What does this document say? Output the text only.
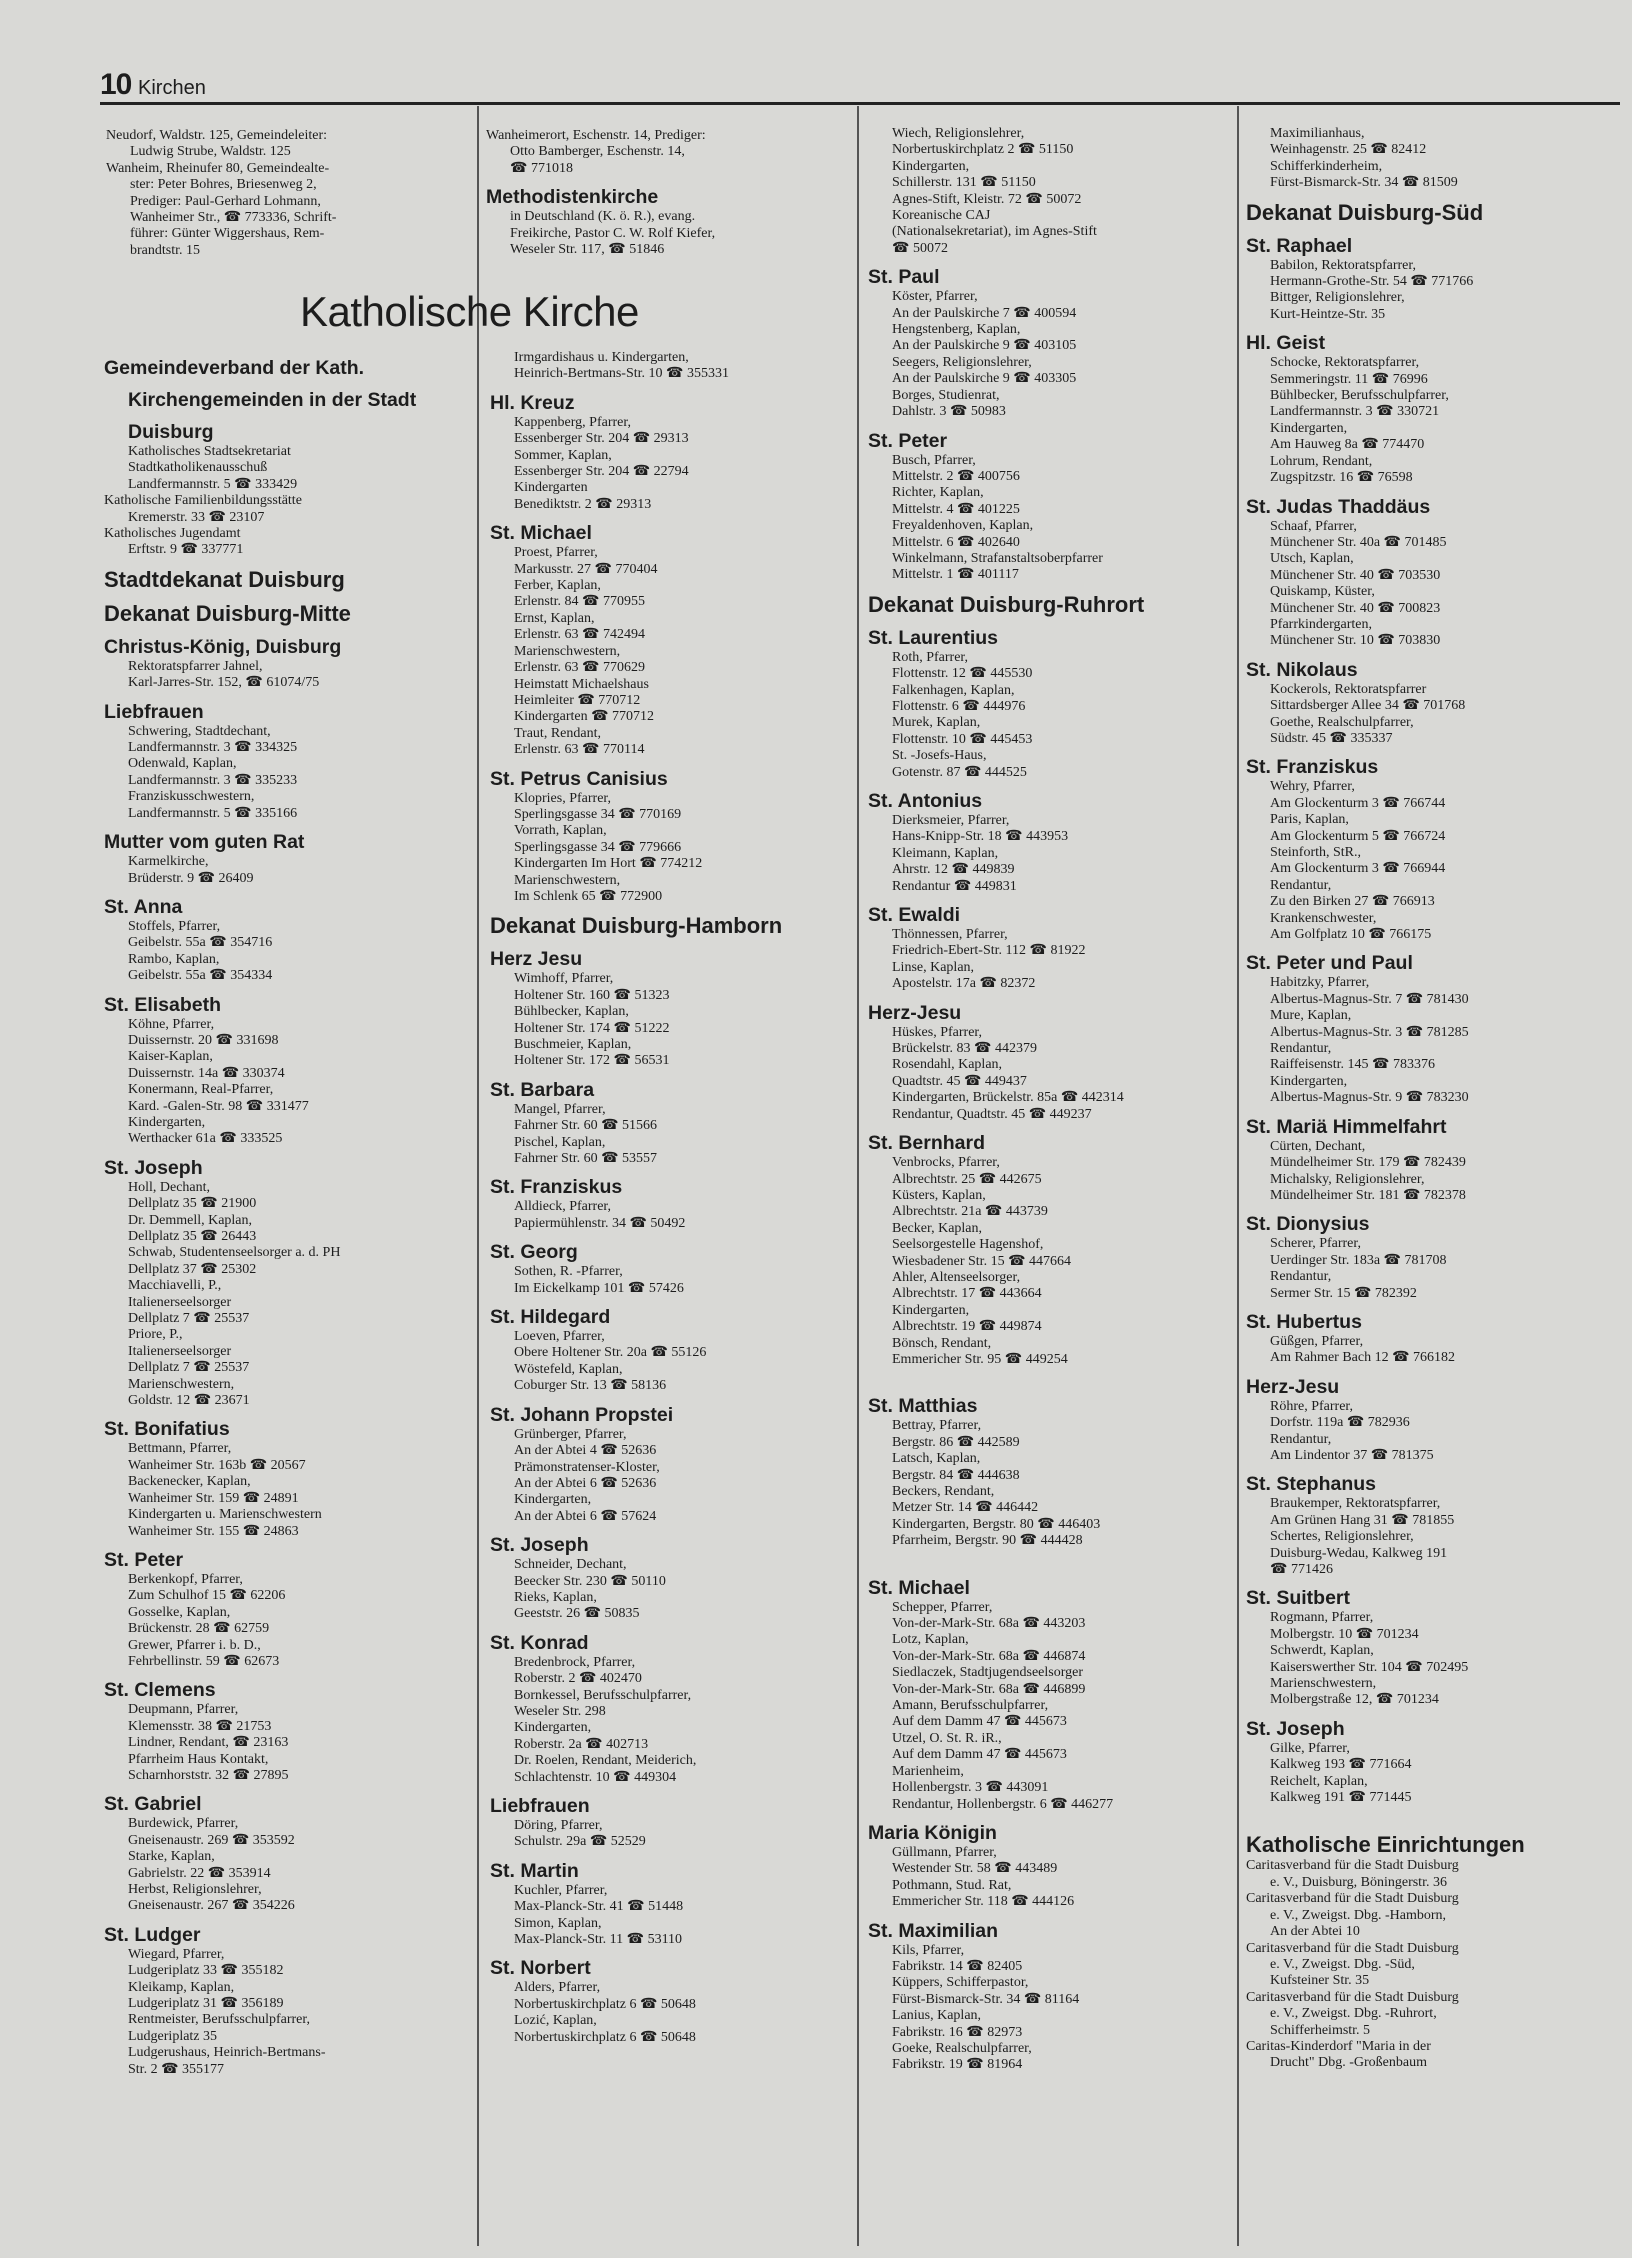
10 Kirchen

Neudorf, Waldstr. 125, Gemeindeleiter:

Ludwig Strube, Waldstr. 125

Wanheim, Rheinufer 80, Gemeindealte-

ster: Peter Bohres, Briesenweg 2,

Prediger: Paul-Gerhard Lohmann,

Wanheimer Str., ☎ 773336, Schrift-

führer: Günter Wiggershaus, Rem-

brandtstr. 15

Wanheimerort, Eschenstr. 14, Prediger:

Otto Bamberger, Eschenstr. 14,

☎ 771018

Methodistenkirche

in Deutschland (K. ö. R.), evang.

Freikirche, Pastor C. W. Rolf Kiefer,

Weseler Str. 117, ☎ 51846

Katholische Kirche
Gemeindeverband der Kath.
Kirchengemeinden in der Stadt
Duisburg

Katholisches Stadtsekretariat

Stadtkatholikenausschuß

Landfermannstr. 5 ☎ 333429

Katholische Familienbildungsstätte

Kremerstr. 33 ☎ 23107

Katholisches Jugendamt

Erftstr. 9 ☎ 337771

Stadtdekanat Duisburg
Dekanat Duisburg-Mitte
Christus-König, Duisburg

Rektoratspfarrer Jahnel,

Karl-Jarres-Str. 152, ☎ 61074/75

Liebfrauen

Schwering, Stadtdechant,

Landfermannstr. 3 ☎ 334325

Odenwald, Kaplan,

Landfermannstr. 3 ☎ 335233

Franziskusschwestern,

Landfermannstr. 5 ☎ 335166

Mutter vom guten Rat

Karmelkirche,

Brüderstr. 9 ☎ 26409

St. Anna

Stoffels, Pfarrer,

Geibelstr. 55a ☎ 354716

Rambo, Kaplan,

Geibelstr. 55a ☎ 354334

St. Elisabeth

Köhne, Pfarrer,

Duissernstr. 20 ☎ 331698

Kaiser-Kaplan,

Duissernstr. 14a ☎ 330374

Konermann, Real-Pfarrer,

Kard. -Galen-Str. 98 ☎ 331477

Kindergarten,

Werthacker 61a ☎ 333525

St. Joseph

Holl, Dechant,

Dellplatz 35 ☎ 21900

Dr. Demmell, Kaplan,

Dellplatz 35 ☎ 26443

Schwab, Studentenseelsorger a. d. PH

Dellplatz 37 ☎ 25302

Macchiavelli, P.,

Italienerseelsorger

Dellplatz 7 ☎ 25537

Priore, P.,

Italienerseelsorger

Dellplatz 7 ☎ 25537

Marienschwestern,

Goldstr. 12 ☎ 23671

St. Bonifatius

Bettmann, Pfarrer,

Wanheimer Str. 163b ☎ 20567

Backenecker, Kaplan,

Wanheimer Str. 159 ☎ 24891

Kindergarten u. Marienschwestern

Wanheimer Str. 155 ☎ 24863

St. Peter

Berkenkopf, Pfarrer,

Zum Schulhof 15 ☎ 62206

Gosselke, Kaplan,

Brückenstr. 28 ☎ 62759

Grewer, Pfarrer i. b. D.,

Fehrbellinstr. 59 ☎ 62673

St. Clemens

Deupmann, Pfarrer,

Klemensstr. 38 ☎ 21753

Lindner, Rendant, ☎ 23163

Pfarrheim Haus Kontakt,

Scharnhorststr. 32 ☎ 27895

St. Gabriel

Burdewick, Pfarrer,

Gneisenaustr. 269 ☎ 353592

Starke, Kaplan,

Gabrielstr. 22 ☎ 353914

Herbst, Religionslehrer,

Gneisenaustr. 267 ☎ 354226

St. Ludger

Wiegard, Pfarrer,

Ludgeriplatz 33 ☎ 355182

Kleikamp, Kaplan,

Ludgeriplatz 31 ☎ 356189

Rentmeister, Berufsschulpfarrer,

Ludgeriplatz 35

Ludgerushaus, Heinrich-Bertmans-

Str. 2 ☎ 355177

Irmgardishaus u. Kindergarten,

Heinrich-Bertmans-Str. 10 ☎ 355331

Hl. Kreuz

Kappenberg, Pfarrer,

Essenberger Str. 204 ☎ 29313

Sommer, Kaplan,

Essenberger Str. 204 ☎ 22794

Kindergarten

Benediktstr. 2 ☎ 29313

St. Michael

Proest, Pfarrer,

Markusstr. 27 ☎ 770404

Ferber, Kaplan,

Erlenstr. 84 ☎ 770955

Ernst, Kaplan,

Erlenstr. 63 ☎ 742494

Marienschwestern,

Erlenstr. 63 ☎ 770629

Heimstatt Michaelshaus

Heimleiter ☎ 770712

Kindergarten ☎ 770712

Traut, Rendant,

Erlenstr. 63 ☎ 770114

St. Petrus Canisius

Klopries, Pfarrer,

Sperlingsgasse 34 ☎ 770169

Vorrath, Kaplan,

Sperlingsgasse 34 ☎ 779666

Kindergarten Im Hort ☎ 774212

Marienschwestern,

Im Schlenk 65 ☎ 772900

Dekanat Duisburg-Hamborn
Herz Jesu

Wimhoff, Pfarrer,

Holtener Str. 160 ☎ 51323

Bühlbecker, Kaplan,

Holtener Str. 174 ☎ 51222

Buschmeier, Kaplan,

Holtener Str. 172 ☎ 56531

St. Barbara

Mangel, Pfarrer,

Fahrner Str. 60 ☎ 51566

Pischel, Kaplan,

Fahrner Str. 60 ☎ 53557

St. Franziskus

Alldieck, Pfarrer,

Papiermühlenstr. 34 ☎ 50492

St. Georg

Sothen, R. -Pfarrer,

Im Eickelkamp 101 ☎ 57426

St. Hildegard

Loeven, Pfarrer,

Obere Holtener Str. 20a ☎ 55126

Wöstefeld, Kaplan,

Coburger Str. 13 ☎ 58136

St. Johann Propstei

Grünberger, Pfarrer,

An der Abtei 4 ☎ 52636

Prämonstratenser-Kloster,

An der Abtei 6 ☎ 52636

Kindergarten,

An der Abtei 6 ☎ 57624

St. Joseph

Schneider, Dechant,

Beecker Str. 230 ☎ 50110

Rieks, Kaplan,

Geeststr. 26 ☎ 50835

St. Konrad

Bredenbrock, Pfarrer,

Roberstr. 2 ☎ 402470

Bornkessel, Berufsschulpfarrer,

Weseler Str. 298

Kindergarten,

Roberstr. 2a ☎ 402713

Dr. Roelen, Rendant, Meiderich,

Schlachtenstr. 10 ☎ 449304

Liebfrauen

Döring, Pfarrer,

Schulstr. 29a ☎ 52529

St. Martin

Kuchler, Pfarrer,

Max-Planck-Str. 41 ☎ 51448

Simon, Kaplan,

Max-Planck-Str. 11 ☎ 53110

St. Norbert

Alders, Pfarrer,

Norbertuskirchplatz 6 ☎ 50648

Lozić, Kaplan,

Norbertuskirchplatz 6 ☎ 50648

Wiech, Religionslehrer,

Norbertuskirchplatz 2 ☎ 51150

Kindergarten,

Schillerstr. 131 ☎ 51150

Agnes-Stift, Kleistr. 72 ☎ 50072

Koreanische CAJ

(Nationalsekretariat), im Agnes-Stift

☎ 50072

St. Paul

Köster, Pfarrer,

An der Paulskirche 7 ☎ 400594

Hengstenberg, Kaplan,

An der Paulskirche 9 ☎ 403105

Seegers, Religionslehrer,

An der Paulskirche 9 ☎ 403305

Borges, Studienrat,

Dahlstr. 3 ☎ 50983

St. Peter

Busch, Pfarrer,

Mittelstr. 2 ☎ 400756

Richter, Kaplan,

Mittelstr. 4 ☎ 401225

Freyaldenhoven, Kaplan,

Mittelstr. 6 ☎ 402640

Winkelmann, Strafanstaltsoberpfarrer

Mittelstr. 1 ☎ 401117

Dekanat Duisburg-Ruhrort
St. Laurentius

Roth, Pfarrer,

Flottenstr. 12 ☎ 445530

Falkenhagen, Kaplan,

Flottenstr. 6 ☎ 444976

Murek, Kaplan,

Flottenstr. 10 ☎ 445453

St. -Josefs-Haus,

Gotenstr. 87 ☎ 444525

St. Antonius

Dierksmeier, Pfarrer,

Hans-Knipp-Str. 18 ☎ 443953

Kleimann, Kaplan,

Ahrstr. 12 ☎ 449839

Rendantur ☎ 449831

St. Ewaldi

Thönnessen, Pfarrer,

Friedrich-Ebert-Str. 112 ☎ 81922

Linse, Kaplan,

Apostelstr. 17a ☎ 82372

Herz-Jesu

Hüskes, Pfarrer,

Brückelstr. 83 ☎ 442379

Rosendahl, Kaplan,

Quadtstr. 45 ☎ 449437

Kindergarten, Brückelstr. 85a ☎ 442314

Rendantur, Quadtstr. 45 ☎ 449237

St. Bernhard

Venbrocks, Pfarrer,

Albrechtstr. 25 ☎ 442675

Küsters, Kaplan,

Albrechtstr. 21a ☎ 443739

Becker, Kaplan,

Seelsorgestelle Hagenshof,

Wiesbadener Str. 15 ☎ 447664

Ahler, Altenseelsorger,

Albrechtstr. 17 ☎ 443664

Kindergarten,

Albrechtstr. 19 ☎ 449874

Bönsch, Rendant,

Emmericher Str. 95 ☎ 449254

St. Matthias

Bettray, Pfarrer,

Bergstr. 86 ☎ 442589

Latsch, Kaplan,

Bergstr. 84 ☎ 444638

Beckers, Rendant,

Metzer Str. 14 ☎ 446442

Kindergarten, Bergstr. 80 ☎ 446403

Pfarrheim, Bergstr. 90 ☎ 444428

St. Michael

Schepper, Pfarrer,

Von-der-Mark-Str. 68a ☎ 443203

Lotz, Kaplan,

Von-der-Mark-Str. 68a ☎ 446874

Siedlaczek, Stadtjugendseelsorger

Von-der-Mark-Str. 68a ☎ 446899

Amann, Berufsschulpfarrer,

Auf dem Damm 47 ☎ 445673

Utzel, O. St. R. iR.,

Auf dem Damm 47 ☎ 445673

Marienheim,

Hollenbergstr. 3 ☎ 443091

Rendantur, Hollenbergstr. 6 ☎ 446277

Maria Königin

Güllmann, Pfarrer,

Westender Str. 58 ☎ 443489

Pothmann, Stud. Rat,

Emmericher Str. 118 ☎ 444126

St. Maximilian

Kils, Pfarrer,

Fabrikstr. 14 ☎ 82405

Küppers, Schifferpastor,

Fürst-Bismarck-Str. 34 ☎ 81164

Lanius, Kaplan,

Fabrikstr. 16 ☎ 82973

Goeke, Realschulpfarrer,

Fabrikstr. 19 ☎ 81964

Maximilianhaus,

Weinhagenstr. 25 ☎ 82412

Schifferkinderheim,

Fürst-Bismarck-Str. 34 ☎ 81509

Dekanat Duisburg-Süd
St. Raphael

Babilon, Rektoratspfarrer,

Hermann-Grothe-Str. 54 ☎ 771766

Bittger, Religionslehrer,

Kurt-Heintze-Str. 35

Hl. Geist

Schocke, Rektoratspfarrer,

Semmeringstr. 11 ☎ 76996

Bühlbecker, Berufsschulpfarrer,

Landfermannstr. 3 ☎ 330721

Kindergarten,

Am Hauweg 8a ☎ 774470

Lohrum, Rendant,

Zugspitzstr. 16 ☎ 76598

St. Judas Thaddäus

Schaaf, Pfarrer,

Münchener Str. 40a ☎ 701485

Utsch, Kaplan,

Münchener Str. 40 ☎ 703530

Quiskamp, Küster,

Münchener Str. 40 ☎ 700823

Pfarrkindergarten,

Münchener Str. 10 ☎ 703830

St. Nikolaus

Kockerols, Rektoratspfarrer

Sittardsberger Allee 34 ☎ 701768

Goethe, Realschulpfarrer,

Südstr. 45 ☎ 335337

St. Franziskus

Wehry, Pfarrer,

Am Glockenturm 3 ☎ 766744

Paris, Kaplan,

Am Glockenturm 5 ☎ 766724

Steinforth, StR.,

Am Glockenturm 3 ☎ 766944

Rendantur,

Zu den Birken 27 ☎ 766913

Krankenschwester,

Am Golfplatz 10 ☎ 766175

St. Peter und Paul

Habitzky, Pfarrer,

Albertus-Magnus-Str. 7 ☎ 781430

Mure, Kaplan,

Albertus-Magnus-Str. 3 ☎ 781285

Rendantur,

Raiffeisenstr. 145 ☎ 783376

Kindergarten,

Albertus-Magnus-Str. 9 ☎ 783230

St. Mariä Himmelfahrt

Cürten, Dechant,

Mündelheimer Str. 179 ☎ 782439

Michalsky, Religionslehrer,

Mündelheimer Str. 181 ☎ 782378

St. Dionysius

Scherer, Pfarrer,

Uerdinger Str. 183a ☎ 781708

Rendantur,

Sermer Str. 15 ☎ 782392

St. Hubertus

Güßgen, Pfarrer,

Am Rahmer Bach 12 ☎ 766182

Herz-Jesu

Röhre, Pfarrer,

Dorfstr. 119a ☎ 782936

Rendantur,

Am Lindentor 37 ☎ 781375

St. Stephanus

Braukemper, Rektoratspfarrer,

Am Grünen Hang 31 ☎ 781855

Schertes, Religionslehrer,

Duisburg-Wedau, Kalkweg 191

☎ 771426

St. Suitbert

Rogmann, Pfarrer,

Molbergstr. 10 ☎ 701234

Schwerdt, Kaplan,

Kaiserswerther Str. 104 ☎ 702495

Marienschwestern,

Molbergstraße 12, ☎ 701234

St. Joseph

Gilke, Pfarrer,

Kalkweg 193 ☎ 771664

Reichelt, Kaplan,

Kalkweg 191 ☎ 771445

Katholische Einrichtungen

Caritasverband für die Stadt Duisburg

e. V., Duisburg, Böningerstr. 36

Caritasverband für die Stadt Duisburg

e. V., Zweigst. Dbg. -Hamborn,

An der Abtei 10

Caritasverband für die Stadt Duisburg

e. V., Zweigst. Dbg. -Süd,

Kufsteiner Str. 35

Caritasverband für die Stadt Duisburg

e. V., Zweigst. Dbg. -Ruhrort,

Schifferheimstr. 5

Caritas-Kinderdorf "Maria in der

Drucht" Dbg. -Großenbaum
